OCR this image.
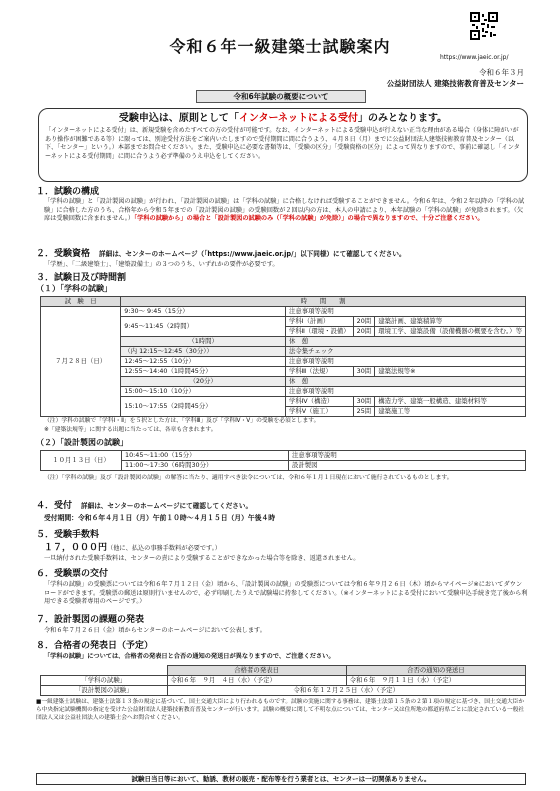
https://www.jaeic.or.jp/
令和６年一級建築士試験案内
令和６年３月
公益財団法人 建築技術教育普及センター
令和6年試験の概要について
受験申込は、原則として「インターネットによる受付」のみとなります。
「インターネットによる受付」は、新規受験を含めたすべての方の受付が可能です。なお、インターネットによる受験申込が行えない正当な理由がある場合（身体に障がいがあり操作が困難である等）に限っては、別途受付方法をご案内いたしますので受付期間に間に合うよう、４月８日（月）までに公益財団法人建築技術教育普及センター（以下、「センター」という。）本部までお問合せください。また、受験申込に必要な書類等は、「受験の区分」「受験資格の区分」によって異なりますので、事前に確認し「インターネットによる受付期間」に間に合うよう必ず準備のうえ申込をしてください。
１．試験の構成
「学科の試験」と「設計製図の試験」が行われ、「設計製図の試験」は「学科の試験」に合格しなければ受験することができません。令和６年は、令和２年以降の「学科の試験」に合格した方のうち、合格年から令和５年までの「設計製図の試験」の受験回数が２回以内の方は、本人の申請により、本年試験の「学科の試験」が免除されます。（欠席は受験回数に含まれません。）「学科の試験から」の場合と「設計製図の試験のみ（「学科の試験」が免除）」の場合で異なりますので、十分ご注意ください。
２．受験資格　 詳細は、センターのホームページ（「https://www.jaeic.or.jp/」以下同様）にて確認してください。
「学歴」、「二級建築士」、「建築設備士」の３つのうち、いずれかの要件が必要です。
３．試験日及び時間割
（１）「学科の試験」
試　験　日	時　　間　　割			
７月２８日（日）	9:30〜 9:45（15分）	注意事項等説明		
	9:45〜11:45（2時間）	学科Ⅰ（計画）	20問	建築計画、建築積算等
		学科Ⅱ（環境・設備）	20問	環境工学、建築設備（設備機器の概要を含む。）等
	（1時間）	休　憩		
	（内 12:15〜12:45（30分））	法令集チェック		
	12:45〜12:55（10分）	注意事項等説明		
	12:55〜14:40（1時間45分）	学科Ⅲ（法規）	30問	建築法規等※
	（20分）	休　憩		
	15:00〜15:10（10分）	注意事項等説明		
	15:10〜17:55（2時間45分）	学科Ⅳ（構造）	30問	構造力学、建築一般構造、建築材料等
		学科Ⅴ（施工）	25問	建築施工等
（注）学科の試験で「学科Ⅰ・Ⅱ」を５択とした方は、「学科Ⅲ」及び「学科Ⅳ・Ⅴ」の受験を必須とします。
※「建築法規等」に関する出題に当たっては、各章も含まれます。
（２）「設計製図の試験」
１０月１３日（日）	10:45〜11:00（15分）	注意事項等説明
	11:00〜17:30（6時間30分）	設計製図
（注）「学科の試験」及び「設計製図の試験」の解答に当たり、適用すべき法令については、令和６年１月１日現在において施行されているものとします。
４．受付　 詳細は、センターのホームページにて確認してください。
受付期間：令和６年４月１日（月）午前１０時〜４月１５日（月）午後４時
５．受験手数料
１７，０００円（他に、払込の事務手数料が必要です。）
一旦納付された受験手数料は、センターの責により受験することができなかった場合等を除き、返還されません。
６．受験票の交付
「学科の試験」の受験票については令和６年７月１２日（金）頃から、「設計製図の試験」の受験票については令和６年９月２６日（木）頃からマイページ※においてダウンロードができます。受験票の郵送は原則行いませんので、必ず印刷したうえで試験場に持参してください。（※インターネットによる受付において受験申込手続き完了後から利用できる受験者専用のページです。）
７．設計製図の課題の発表
令和６年７月２６日（金）頃からセンターのホームページにおいて公表します。
８．合格者の発表日（予定）
「学科の試験」については、合格者の発表日と合否の通知の発送日が異なりますので、ご注意ください。
	合格者の発表日	合否の通知の発送日
「学科の試験」	令和６年　９月　４日（水）（予定）	令和６年　９月１１日（水）（予定）
「設計製図の試験」	令和６年１２月２５日（水）（予定）	
■一級建築士試験は、建築士法第１３条の規定に基づいて、国土交通大臣により行われるものです。試験の実施に関する事務は、建築士法第１５条の２第１項の規定に基づき、国土交通大臣から中央指定試験機関の指定を受けた公益財団法人建築技術教育普及センターが行います。試験の概要に関して不明な点については、センター又は住所地の都道府県ごとに設定されている一般社団法人又は公益社団法人の建築士会へお問合せください。
試験日当日等において、勧誘、教材の販売・配布等を行う業者とは、センターは一切関係ありません。
